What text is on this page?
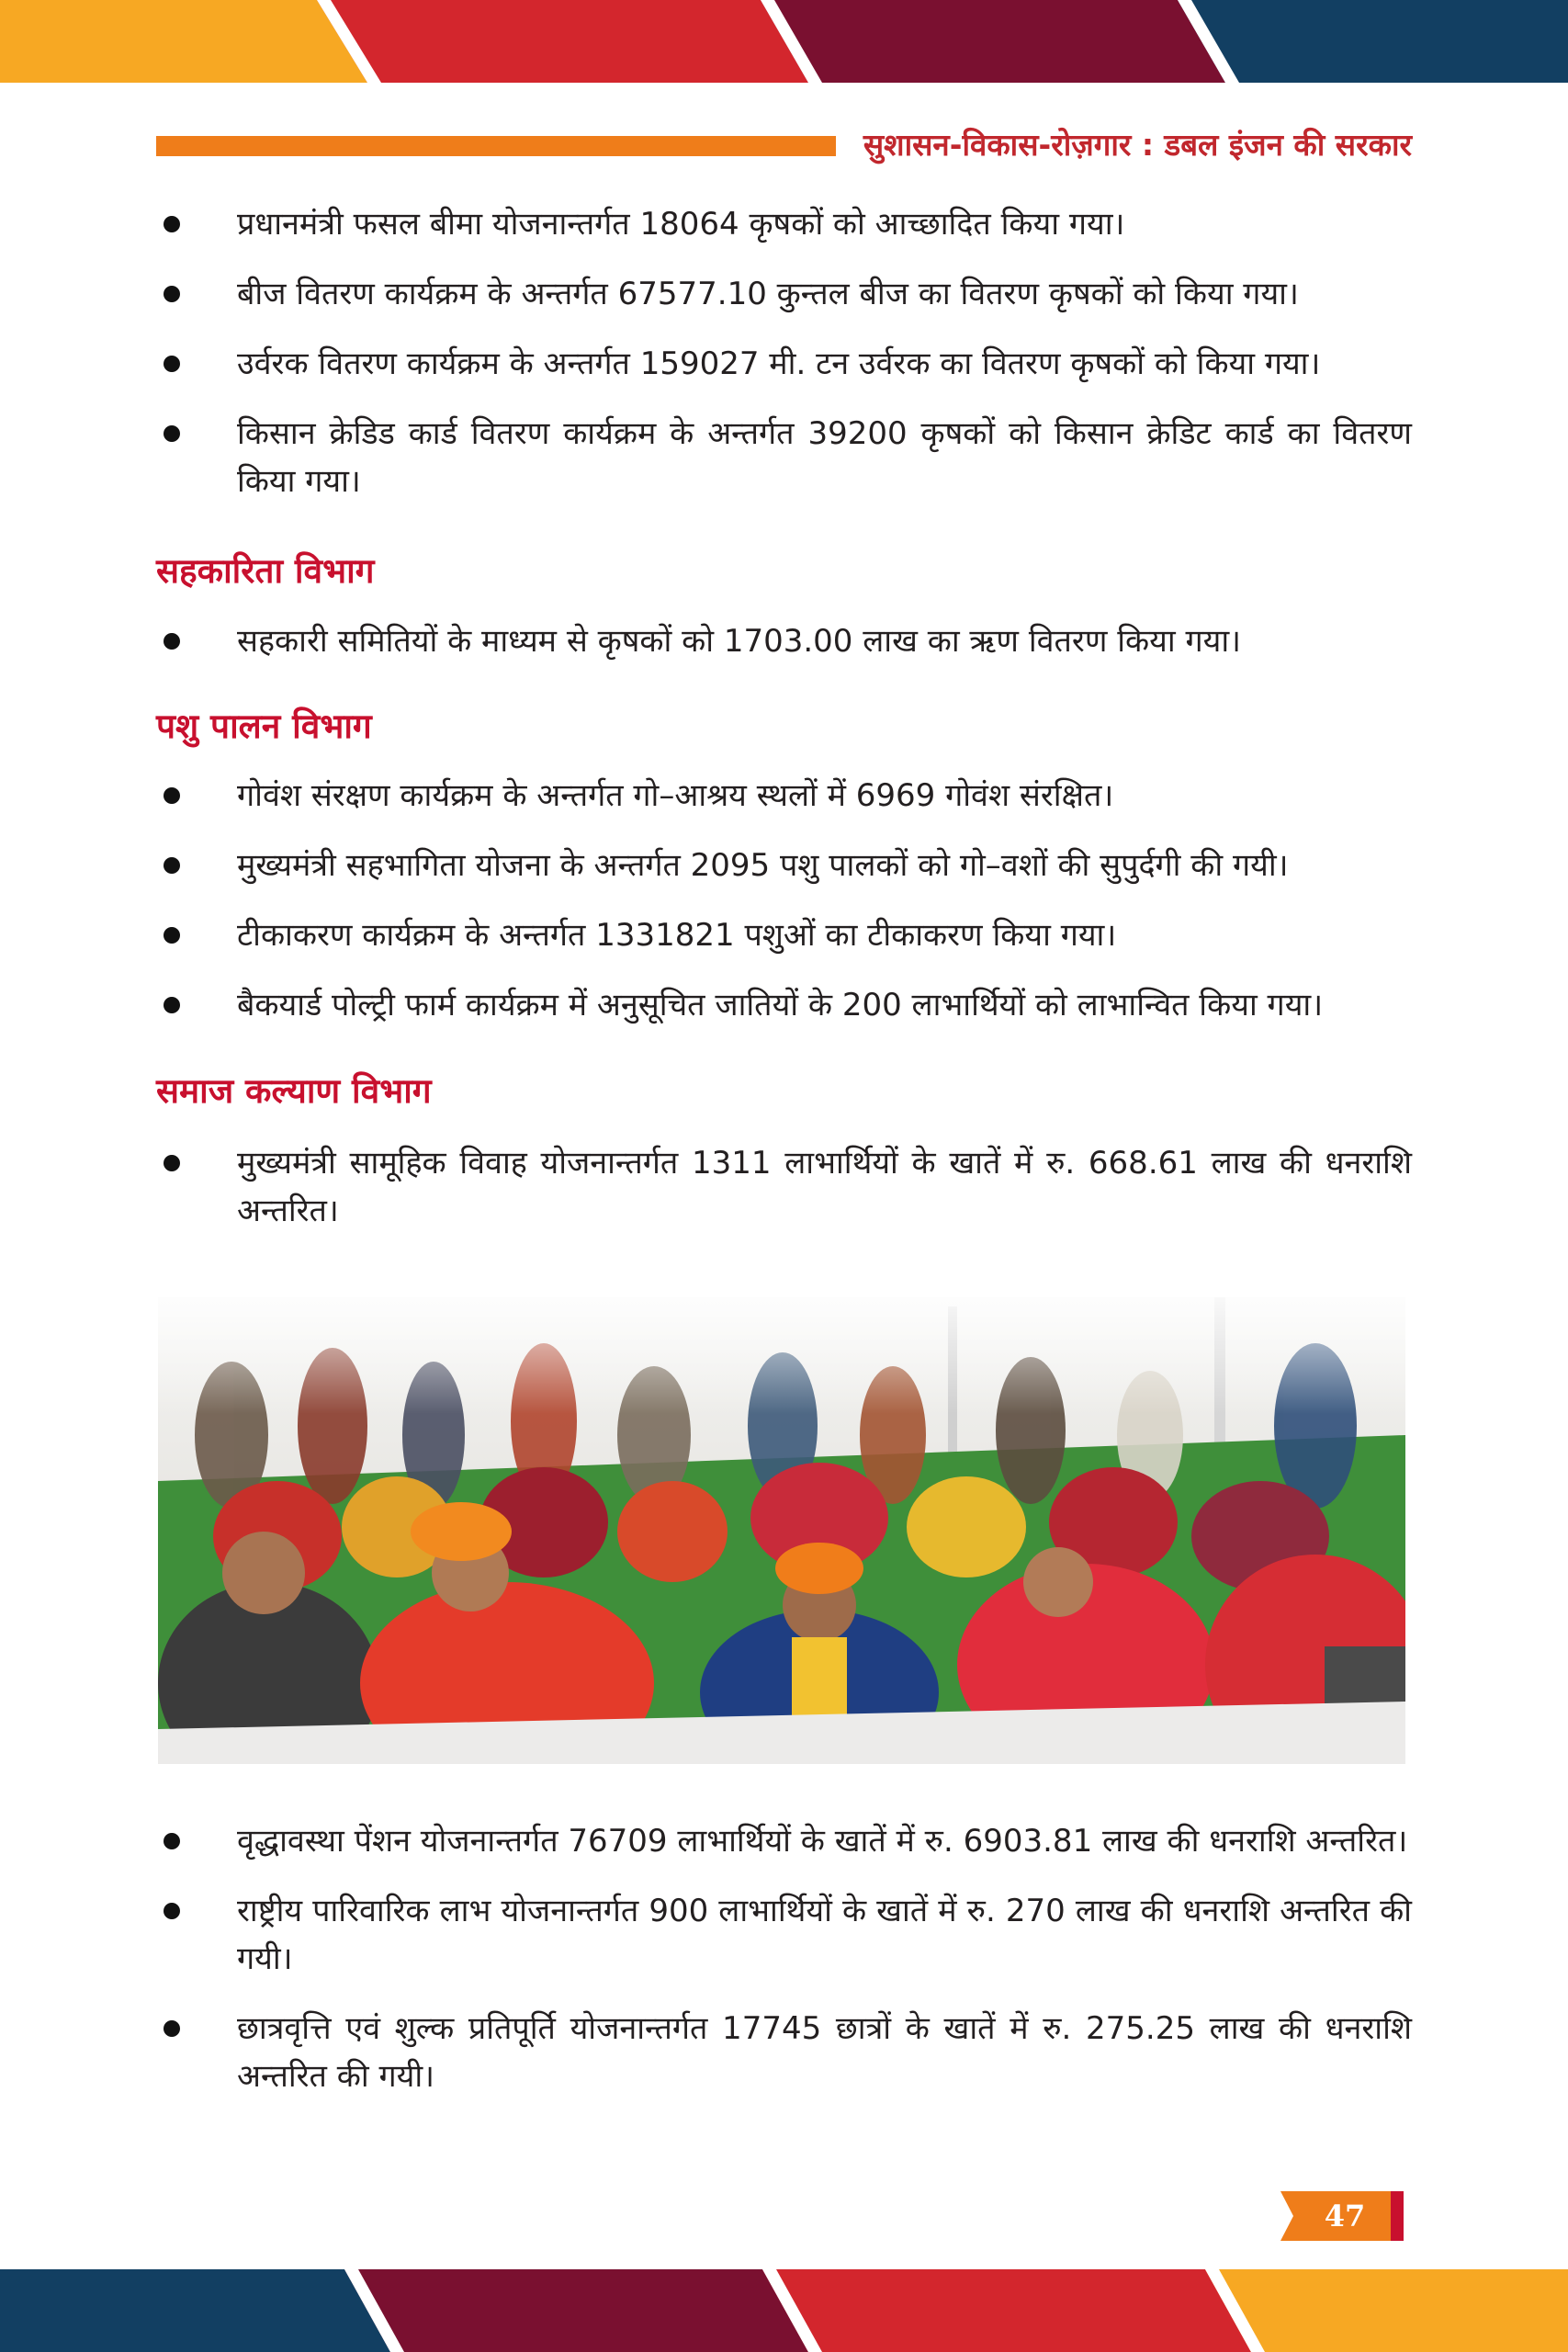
सुशासन-विकास-रोज़गार : डबल इंजन की सरकार
प्रधानमंत्री फसल बीमा योजनान्तर्गत 18064 कृषकों को आच्छादित किया गया।
बीज वितरण कार्यक्रम के अन्तर्गत 67577.10 कुन्तल बीज का वितरण कृषकों को किया गया।
उर्वरक वितरण कार्यक्रम के अन्तर्गत 159027 मी. टन उर्वरक का वितरण कृषकों को किया गया।
किसान क्रेडिड कार्ड वितरण कार्यक्रम के अन्तर्गत 39200 कृषकों को किसान क्रेडिट कार्ड का वितरण किया गया।
सहकारिता विभाग
सहकारी समितियों के माध्यम से कृषकों को 1703.00 लाख का ऋण वितरण किया गया।
पशु पालन विभाग
गोवंश संरक्षण कार्यक्रम के अन्तर्गत गो–आश्रय स्थलों में 6969 गोवंश संरक्षित।
मुख्यमंत्री सहभागिता योजना के अन्तर्गत 2095 पशु पालकों को गो–वशों की सुपुर्दगी की गयी।
टीकाकरण कार्यक्रम के अन्तर्गत 1331821 पशुओं का टीकाकरण किया गया।
बैकयार्ड पोल्ट्री फार्म कार्यक्रम में अनुसूचित जातियों के 200 लाभार्थियों को लाभान्वित किया गया।
समाज कल्याण विभाग
मुख्यमंत्री सामूहिक विवाह योजनान्तर्गत 1311 लाभार्थियों के खातें में रु. 668.61 लाख की धनराशि अन्तरित।
वृद्धावस्था पेंशन योजनान्तर्गत 76709 लाभार्थियों के खातें में रु. 6903.81 लाख की धनराशि अन्तरित।
राष्ट्रीय पारिवारिक लाभ योजनान्तर्गत 900 लाभार्थियों के खातें में रु. 270 लाख की धनराशि अन्तरित की गयी।
छात्रवृत्ति एवं शुल्क प्रतिपूर्ति योजनान्तर्गत 17745 छात्रों के खातें में रु. 275.25 लाख की धनराशि अन्तरित की गयी।
47
